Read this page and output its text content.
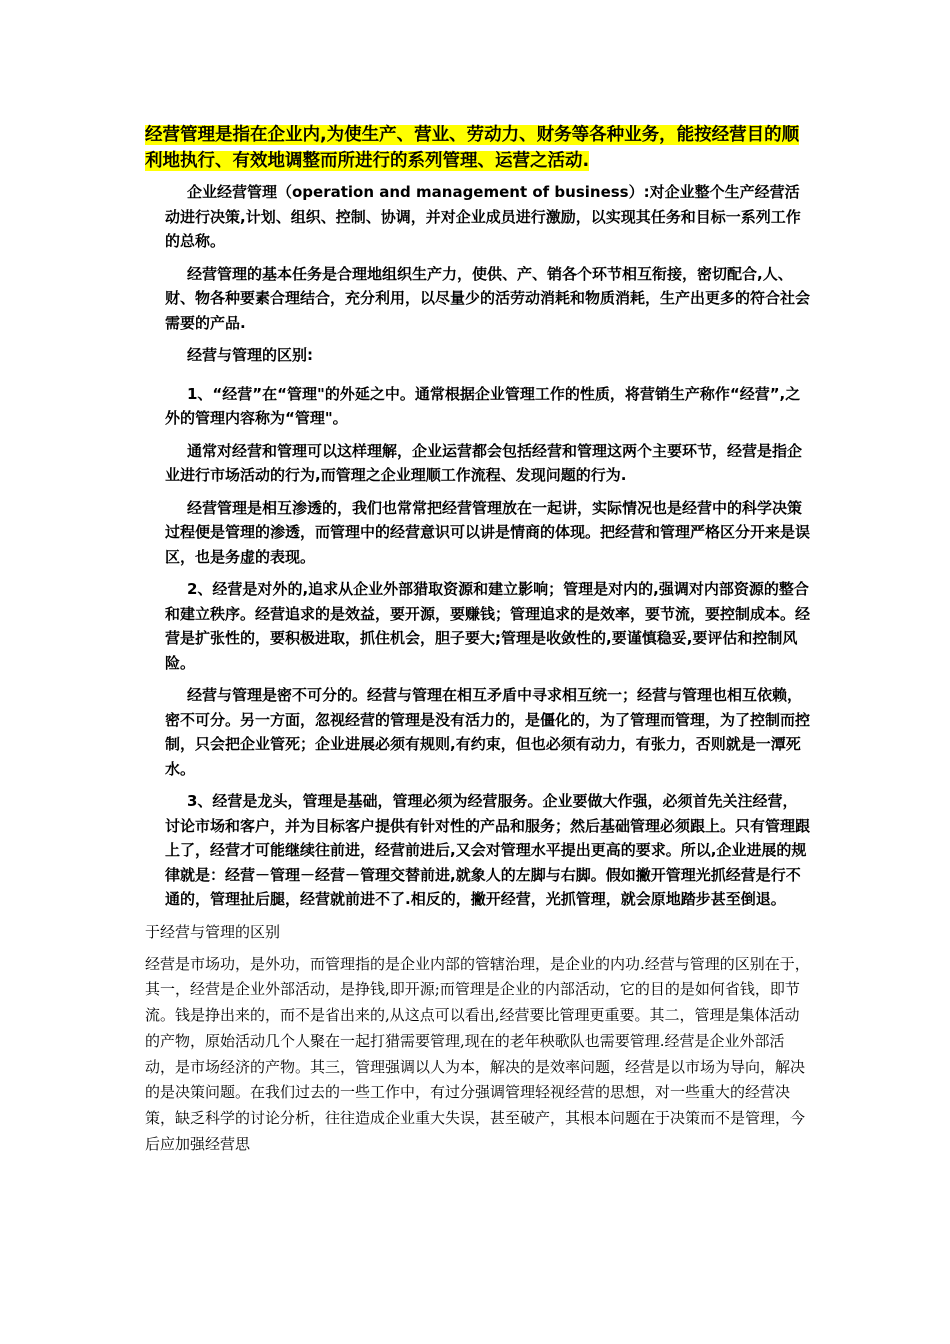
经营管理是指在企业内,为使生产、营业、劳动力、财务等各种业务，能按经营目的顺利地执行、有效地调整而所进行的系列管理、运营之活动.

企业经营管理（operation and management of business）:对企业整个生产经营活动进行决策,计划、组织、控制、协调，并对企业成员进行激励，以实现其任务和目标一系列工作的总称。

经营管理的基本任务是合理地组织生产力，使供、产、销各个环节相互衔接，密切配合,人、财、物各种要素合理结合，充分利用，以尽量少的活劳动消耗和物质消耗，生产出更多的符合社会需要的产品.

经营与管理的区别:

1、“经营”在“管理"的外延之中。通常根据企业管理工作的性质，将营销生产称作“经营”,之外的管理内容称为“管理"。

通常对经营和管理可以这样理解，企业运营都会包括经营和管理这两个主要环节，经营是指企业进行市场活动的行为,而管理之企业理顺工作流程、发现问题的行为.

经营管理是相互渗透的，我们也常常把经营管理放在一起讲，实际情况也是经营中的科学决策过程便是管理的渗透，而管理中的经营意识可以讲是情商的体现。把经营和管理严格区分开来是误区，也是务虚的表现。

2、经营是对外的,追求从企业外部猎取资源和建立影响；管理是对内的,强调对内部资源的整合和建立秩序。经营追求的是效益，要开源，要赚钱；管理追求的是效率，要节流，要控制成本。经营是扩张性的，要积极进取，抓住机会，胆子要大;管理是收敛性的,要谨慎稳妥,要评估和控制风险。

经营与管理是密不可分的。经营与管理在相互矛盾中寻求相互统一；经营与管理也相互依赖，密不可分。另一方面，忽视经营的管理是没有活力的，是僵化的，为了管理而管理，为了控制而控制，只会把企业管死；企业进展必须有规则,有约束，但也必须有动力，有张力，否则就是一潭死水。

3、经营是龙头，管理是基础，管理必须为经营服务。企业要做大作强，必须首先关注经营，讨论市场和客户，并为目标客户提供有针对性的产品和服务；然后基础管理必须跟上。只有管理跟上了，经营才可能继续往前进，经营前进后,又会对管理水平提出更高的要求。所以,企业进展的规律就是：经营－管理－经营－管理交替前进,就象人的左脚与右脚。假如撇开管理光抓经营是行不通的，管理扯后腿，经营就前进不了.相反的，撇开经营，光抓管理，就会原地踏步甚至倒退。

于经营与管理的区别

经营是市场功，是外功，而管理指的是企业内部的管辖治理，是企业的内功.经营与管理的区别在于，其一，经营是企业外部活动，是挣钱,即开源;而管理是企业的内部活动，它的目的是如何省钱，即节流。钱是挣出来的，而不是省出来的,从这点可以看出,经营要比管理更重要。其二，管理是集体活动的产物，原始活动几个人聚在一起打猎需要管理,现在的老年秧歌队也需要管理.经营是企业外部活动，是市场经济的产物。其三，管理强调以人为本，解决的是效率问题，经营是以市场为导向，解决的是决策问题。在我们过去的一些工作中，有过分强调管理轻视经营的思想，对一些重大的经营决策，缺乏科学的讨论分析，往往造成企业重大失误，甚至破产，其根本问题在于决策而不是管理，今后应加强经营思
